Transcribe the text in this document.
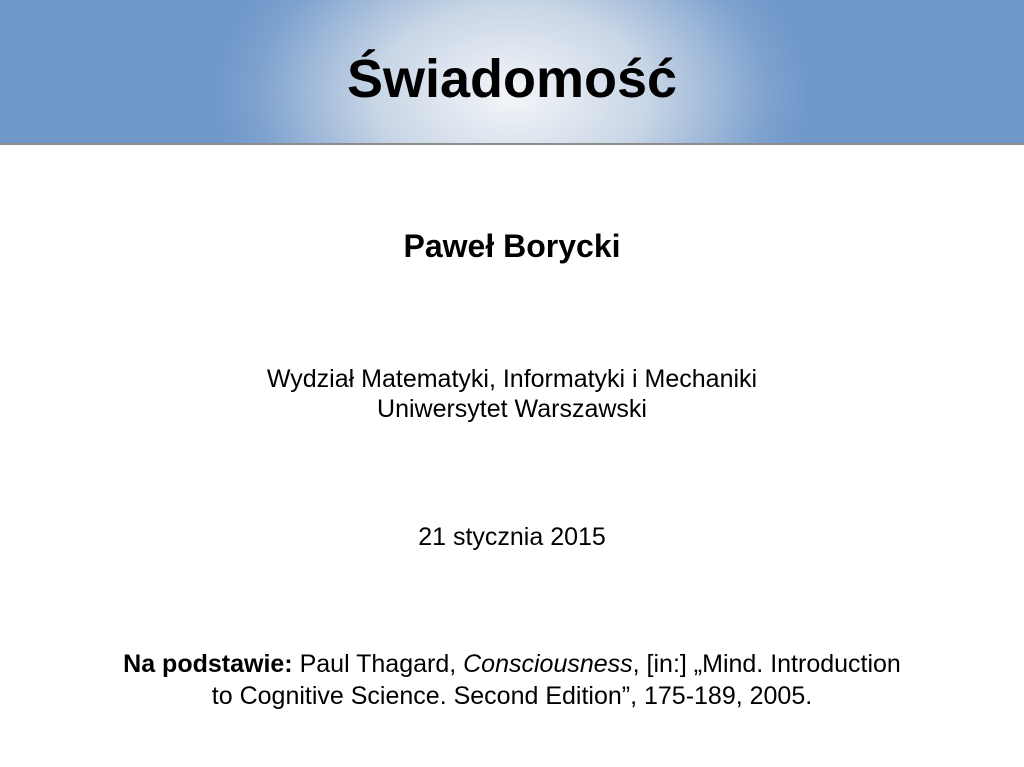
Świadomość
Paweł Borycki
Wydział Matematyki, Informatyki i Mechaniki
Uniwersytet Warszawski
21 stycznia 2015
Na podstawie: Paul Thagard, Consciousness, [in:] „Mind. Introduction
to Cognitive Science. Second Edition”, 175-189, 2005.
